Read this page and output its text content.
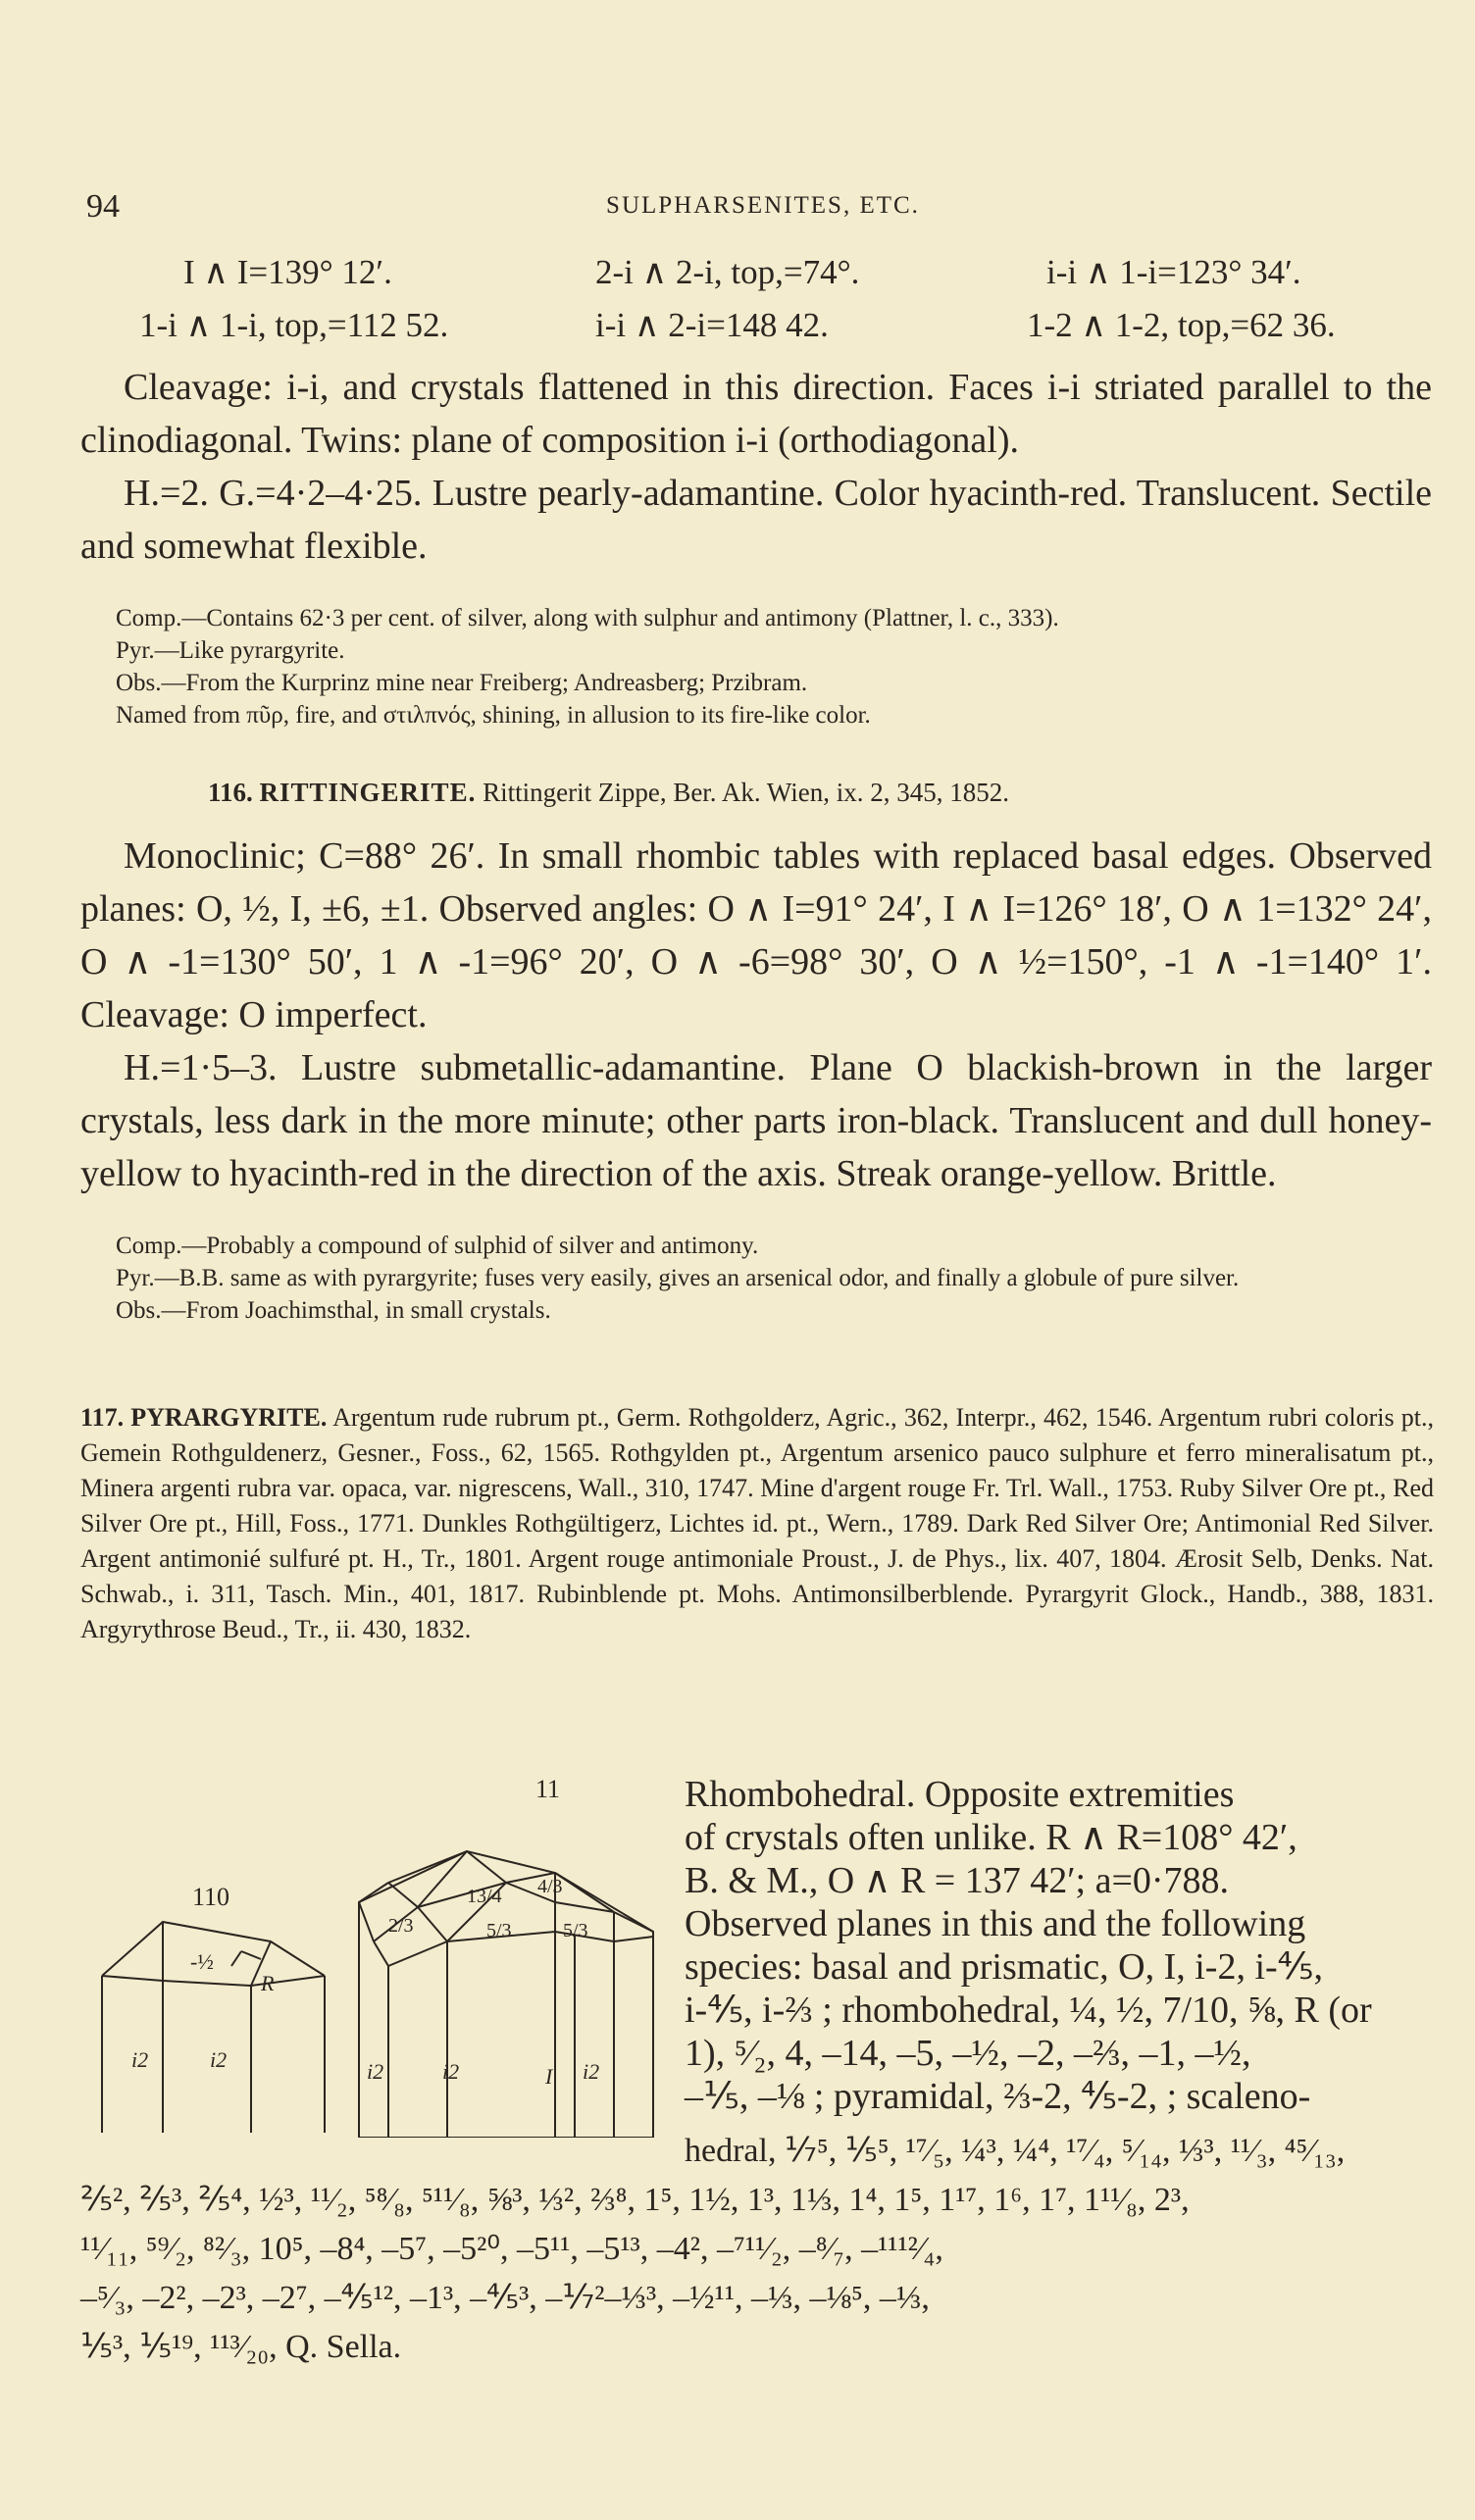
94	SULPHARSENITES, ETC.
I ∧ I=139° 12′.	2-i ∧ 2-i, top,=74°.	i-i ∧ 1-i=123° 34′.
1-i ∧ 1-i, top,=112 52.	i-i ∧ 2-i=148 42.	1-2 ∧ 1-2, top,=62 36.

Cleavage: i-i, and crystals flattened in this direction. Faces i-i striated parallel to the clinodiagonal. Twins: plane of composition i-i (orthodiagonal).

H.=2. G.=4·2–4·25. Lustre pearly-adamantine. Color hyacinth-red. Translucent. Sectile and somewhat flexible.

Comp.—Contains 62·3 per cent. of silver, along with sulphur and antimony (Plattner, l. c., 333).

Pyr.—Like pyrargyrite.

Obs.—From the Kurprinz mine near Freiberg; Andreasberg; Przibram.

Named from πῦρ, fire, and στιλπνός, shining, in allusion to its fire-like color.

116. RITTINGERITE. Rittingerit Zippe, Ber. Ak. Wien, ix. 2, 345, 1852.

Monoclinic; C=88° 26′. In small rhombic tables with replaced basal edges. Observed planes: O, ½, I, ±6, ±1. Observed angles: O ∧ I=91° 24′, I ∧ I=126° 18′, O ∧ 1=132° 24′, O ∧ -1=130° 50′, 1 ∧ -1=96° 20′, O ∧ -6=98° 30′, O ∧ ½=150°, -1 ∧ -1=140° 1′. Cleavage: O imperfect.

H.=1·5–3. Lustre submetallic-adamantine. Plane O blackish-brown in the larger crystals, less dark in the more minute; other parts iron-black. Translucent and dull honey-yellow to hyacinth-red in the direction of the axis. Streak orange-yellow. Brittle.

Comp.—Probably a compound of sulphid of silver and antimony.

Pyr.—B.B. same as with pyrargyrite; fuses very easily, gives an arsenical odor, and finally a globule of pure silver.

Obs.—From Joachimsthal, in small crystals.

117. PYRARGYRITE. Argentum rude rubrum pt., Germ. Rothgolderz, Agric., 362, Interpr., 462, 1546. Argentum rubri coloris pt., Gemein Rothguldenerz, Gesner., Foss., 62, 1565. Rothgylden pt., Argentum arsenico pauco sulphure et ferro mineralisatum pt., Minera argenti rubra var. opaca, var. nigrescens, Wall., 310, 1747. Mine d'argent rouge Fr. Trl. Wall., 1753. Ruby Silver Ore pt., Red Silver Ore pt., Hill, Foss., 1771. Dunkles Rothgültigerz, Lichtes id. pt., Wern., 1789. Dark Red Silver Ore; Antimonial Red Silver. Argent antimonié sulfuré pt. H., Tr., 1801. Argent rouge antimoniale Proust., J. de Phys., lix. 407, 1804. Ærosit Selb, Denks. Nat. Schwab., i. 311, Tasch. Min., 401, 1817. Rubinblende pt. Mohs. Antimonsilberblende. Pyrargyrit Glock., Handb., 388, 1831. Argyrythrose Beud., Tr., ii. 430, 1832.
110
11
-½
R
i2	i2
13/4 4/3
5/3	5/3
2/3
i2	i2	I i2
Rhombohedral. Opposite extremities
of crystals often unlike. R ∧ R=108° 42′,
B. & M., O ∧ R = 137 42′; a=0·788.
Observed planes in this and the following
species: basal and prismatic, O, I, i-2, i-⅘,
i-⅘, i-⅔ ; rhombohedral, ¼, ½, 7/10, ⅝, R (or
1), ⁵⁄₂, 4, –14, –5, –½, –2, –⅔, –1, –½,
–⅕, –⅛ ; pyramidal, ⅔-2, ⅘-2, ; scaleno-
hedral, ⅐⁵, ⅕⁵, ¹⁷⁄₅, ¼³, ¼⁴, ¹⁷⁄₄, ⁵⁄₁₄, ⅓³, ¹¹⁄₃, ⁴⁵⁄₁₃,
⅖², ⅖³, ⅖⁴, ½³, ¹¹⁄₂, ⁵⁸⁄₈, ⁵¹¹⁄₈, ⅝³, ⅓², ⅔⁸, 1⁵, 1½, 1³, 1⅓, 1⁴, 1⁵, 1¹⁷, 1⁶, 1⁷, 1¹¹⁄₈, 2³,
¹¹⁄₁₁, ⁵⁹⁄₂, ⁸²⁄₃, 10⁵, –8⁴, –5⁷, –5²⁰, –5¹¹, –5¹³, –4², –⁷¹¹⁄₂, –⁸⁄₇, –¹¹¹²⁄₄,
–⁵⁄₃, –2², –2³, –2⁷, –⅘¹², –1³, –⅘³, –⅐²–⅓³, –½¹¹, –⅓, –⅛⁵, –⅓,
⅕³, ⅕¹⁹, ¹¹³⁄₂₀, Q. Sella.
